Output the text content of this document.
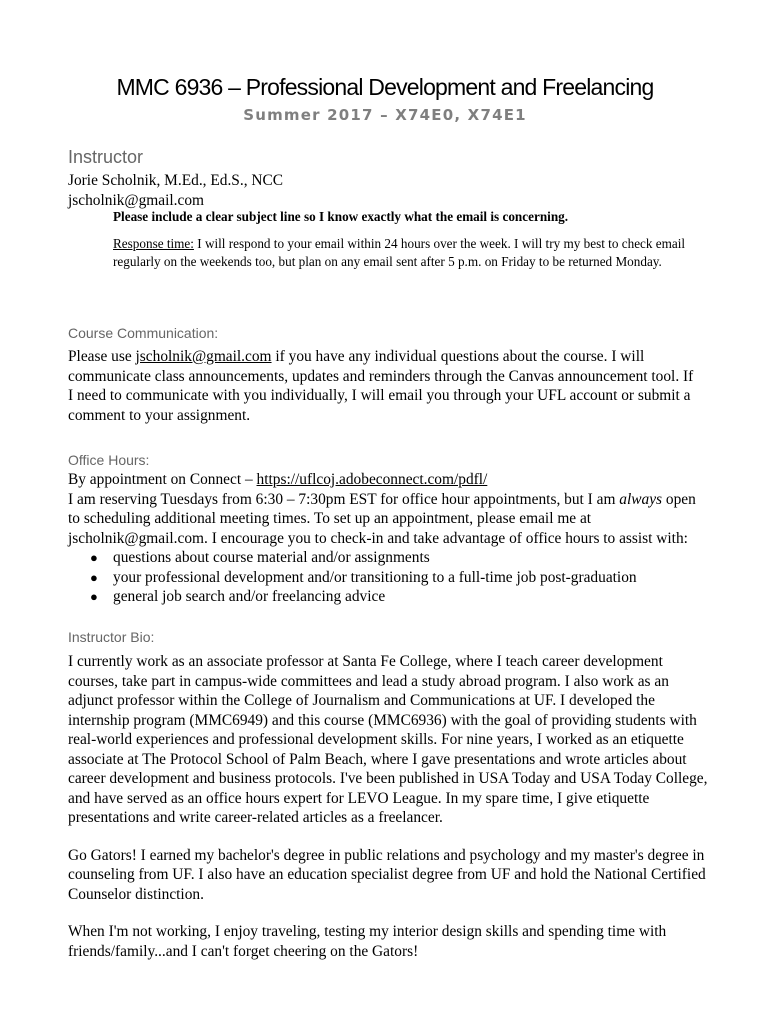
MMC 6936 – Professional Development and Freelancing
Summer 2017 – X74E0, X74E1
Instructor

Jorie Scholnik, M.Ed., Ed.S., NCC

jscholnik@gmail.com

Please include a clear subject line so I know exactly what the email is concerning.

Response time: I will respond to your email within 24 hours over the week. I will try my best to check email regularly on the weekends too, but plan on any email sent after 5 p.m. on Friday to be returned Monday.

Course Communication:

Please use jscholnik@gmail.com if you have any individual questions about the course. I will communicate class announcements, updates and reminders through the Canvas announcement tool. If I need to communicate with you individually, I will email you through your UFL account or submit a comment to your assignment.

Office Hours:

By appointment on Connect – https://uflcoj.adobeconnect.com/pdfl/

I am reserving Tuesdays from 6:30 – 7:30pm EST for office hour appointments, but I am always open to scheduling additional meeting times. To set up an appointment, please email me at jscholnik@gmail.com. I encourage you to check-in and take advantage of office hours to assist with:

● questions about course material and/or assignments
● your professional development and/or transitioning to a full-time job post-graduation
● general job search and/or freelancing advice
Instructor Bio:

I currently work as an associate professor at Santa Fe College, where I teach career development courses, take part in campus-wide committees and lead a study abroad program. I also work as an adjunct professor within the College of Journalism and Communications at UF. I developed the internship program (MMC6949) and this course (MMC6936) with the goal of providing students with real-world experiences and professional development skills. For nine years, I worked as an etiquette associate at The Protocol School of Palm Beach, where I gave presentations and wrote articles about career development and business protocols. I've been published in USA Today and USA Today College, and have served as an office hours expert for LEVO League. In my spare time, I give etiquette presentations and write career-related articles as a freelancer.

Go Gators! I earned my bachelor's degree in public relations and psychology and my master's degree in counseling from UF. I also have an education specialist degree from UF and hold the National Certified Counselor distinction.

When I'm not working, I enjoy traveling, testing my interior design skills and spending time with friends/family...and I can't forget cheering on the Gators!
